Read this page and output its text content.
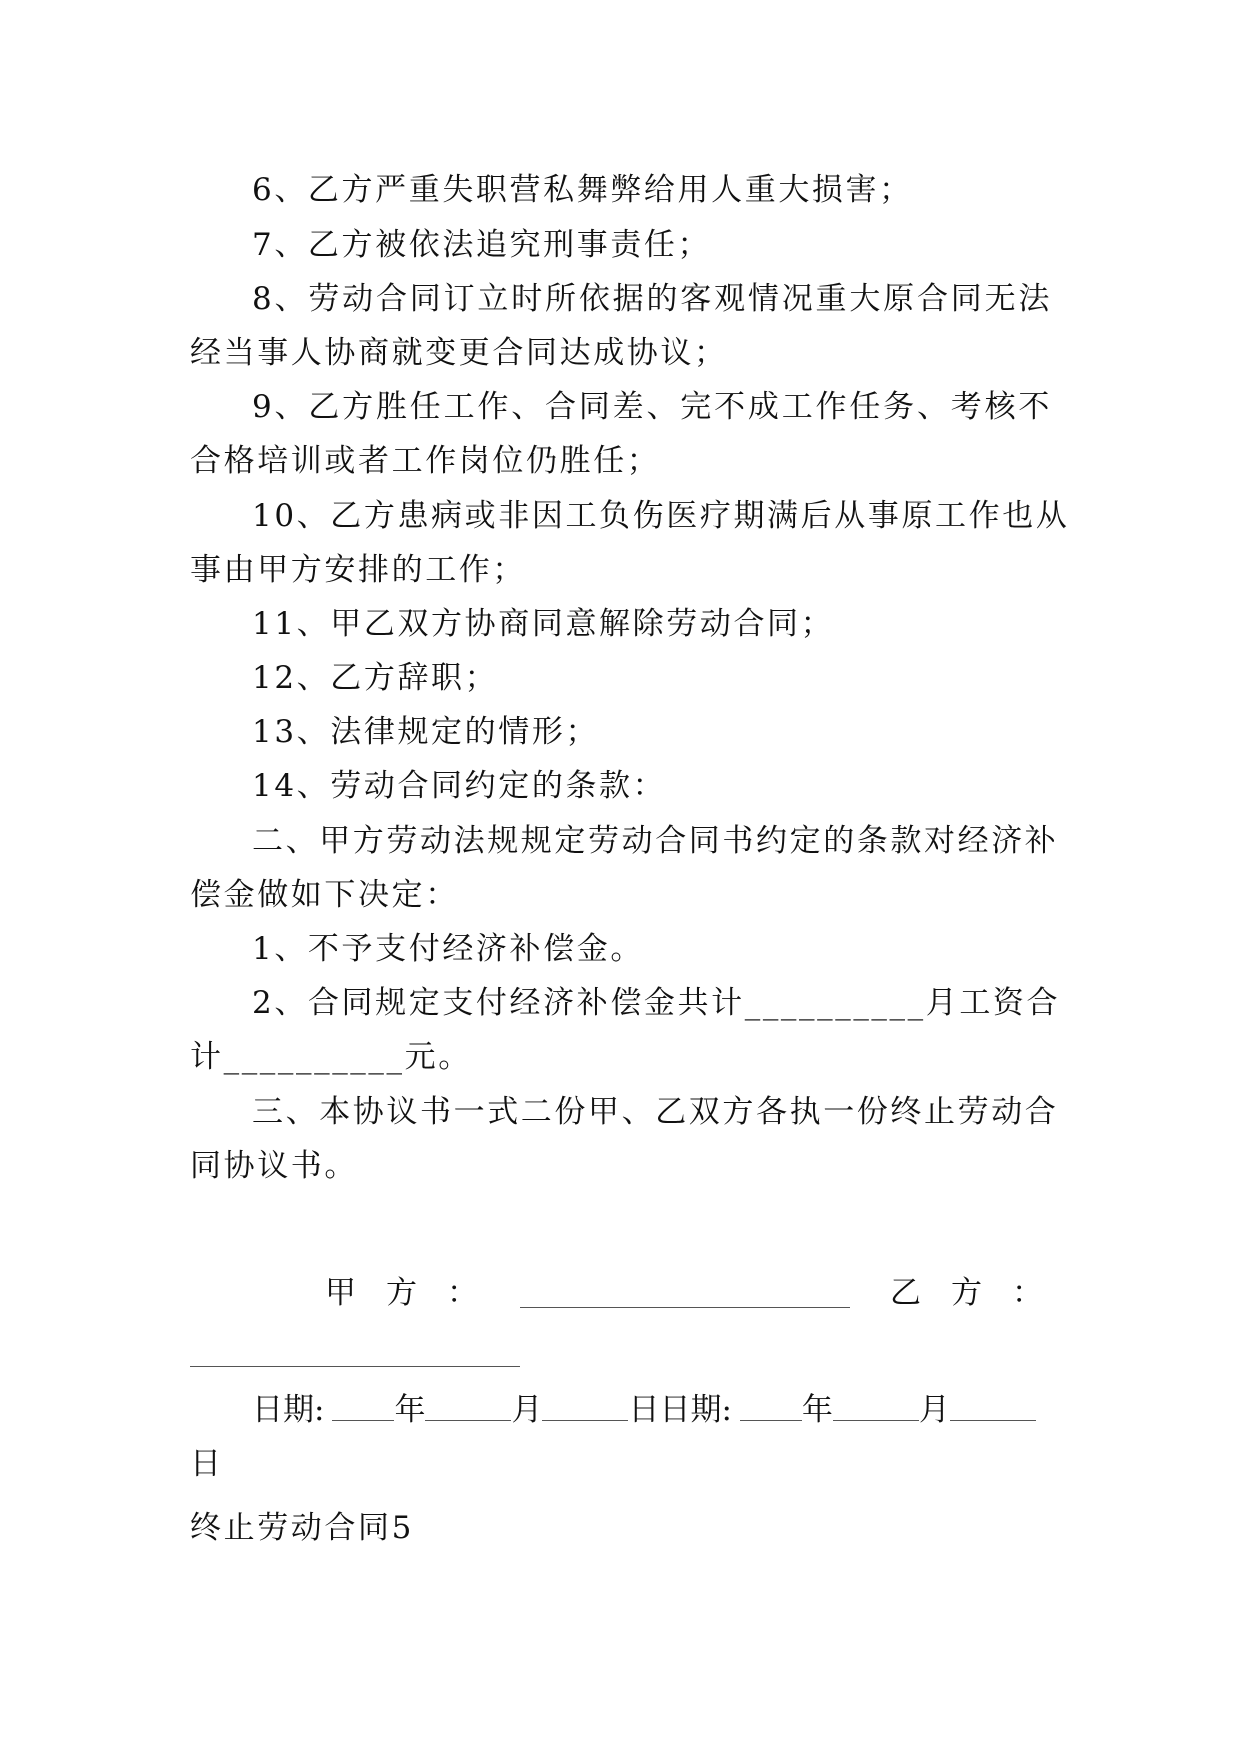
6、乙方严重失职营私舞弊给用人重大损害；
7、乙方被依法追究刑事责任；
8、劳动合同订立时所依据的客观情况重大原合同无法
经当事人协商就变更合同达成协议；
9、乙方胜任工作、合同差、完不成工作任务、考核不
合格培训或者工作岗位仍胜任；
10、乙方患病或非因工负伤医疗期满后从事原工作也从
事由甲方安排的工作；
11、甲乙双方协商同意解除劳动合同；
12、乙方辞职；
13、法律规定的情形；
14、劳动合同约定的条款：
二、甲方劳动法规规定劳动合同书约定的条款对经济补
偿金做如下决定：
1、不予支付经济补偿金。
2、合同规定支付经济补偿金共计__________月工资合
计__________元。
三、本协议书一式二份甲、乙双方各执一份终止劳动合
同协议书。
甲方：	乙方：
日期: 年	月	日日期: 年	月
日
终止劳动合同5
